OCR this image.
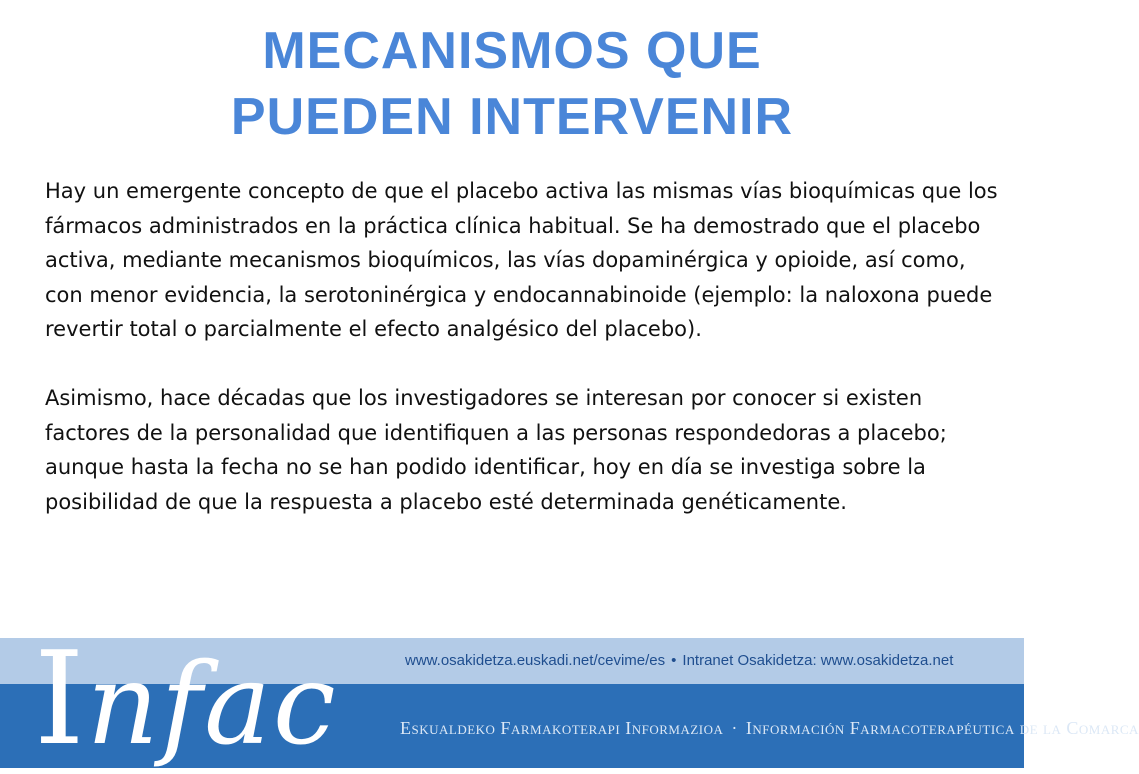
MECANISMOS QUE
PUEDEN INTERVENIR

Hay un emergente concepto de que el placebo activa las mismas vías bioquímicas que los fármacos administrados en la práctica clínica habitual. Se ha demostrado que el placebo activa, mediante mecanismos bioquímicos, las vías dopaminérgica y opioide, así como, con menor evidencia, la serotoninérgica y endocannabinoide (ejemplo: la naloxona puede revertir total o parcialmente el efecto analgésico del placebo).

Asimismo, hace décadas que los investigadores se interesan por conocer si existen factores de la personalidad que identifiquen a las personas respondedoras a placebo; aunque hasta la fecha no se han podido identificar, hoy en día se investiga sobre la posibilidad de que la respuesta a placebo esté determinada genéticamente.

Infac	www.osakidetza.euskadi.net/cevime/es • Intranet Osakidetza: www.osakidetza.net
Eskualdeko Farmakoterapi Informazioa · Información Farmacoterapéutica de la Comarca
